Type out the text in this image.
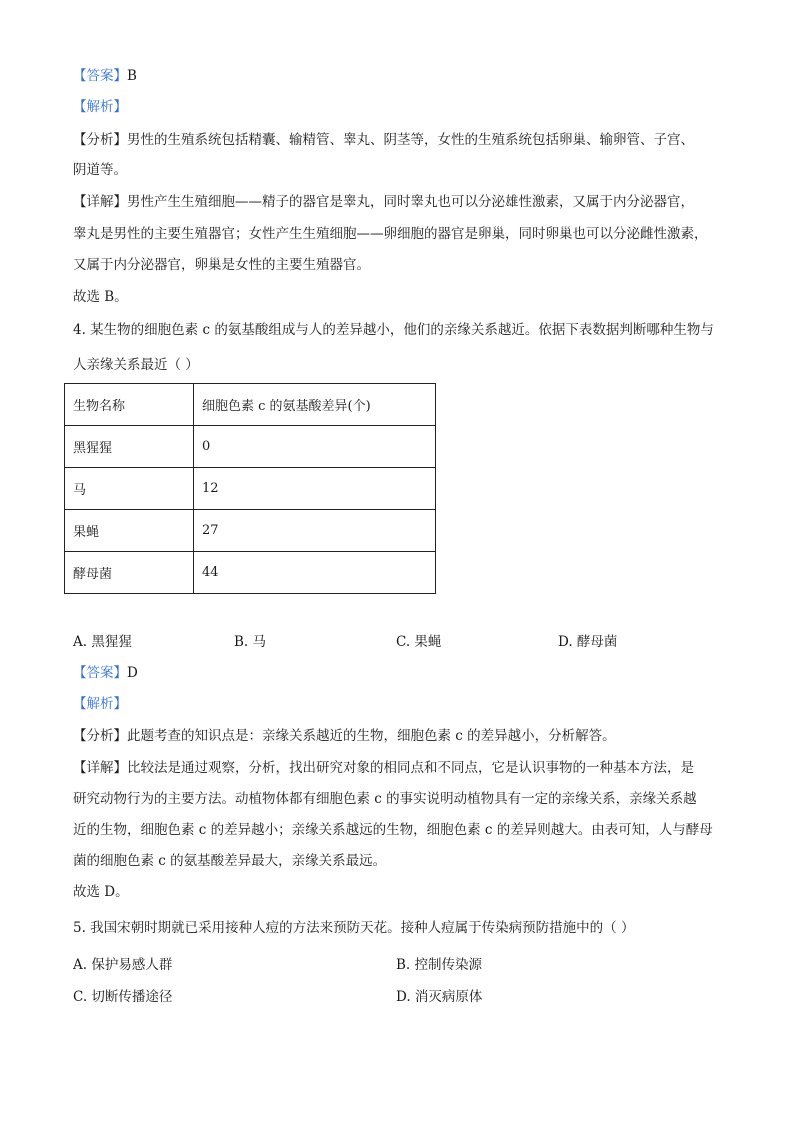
【答案】B
【解析】
【分析】男性的生殖系统包括精囊、输精管、睾丸、阴茎等，女性的生殖系统包括卵巢、输卵管、子宫、
阴道等。
【详解】男性产生生殖细胞——精子的器官是睾丸，同时睾丸也可以分泌雄性激素，又属于内分泌器官，
睾丸是男性的主要生殖器官；女性产生生殖细胞——卵细胞的器官是卵巢，同时卵巢也可以分泌雌性激素，
又属于内分泌器官，卵巢是女性的主要生殖器官。
故选 B。
4. 某生物的细胞色素 c 的氨基酸组成与人的差异越小，他们的亲缘关系越近。依据下表数据判断哪种生物与
人亲缘关系最近（ ）
生物名称	细胞色素 c 的氨基酸差异(个)
黑猩猩	0
马	12
果蝇	27
酵母菌	44
A. 黑猩猩	B. 马	C. 果蝇	D. 酵母菌
【答案】D
【解析】
【分析】此题考查的知识点是：亲缘关系越近的生物，细胞色素 c 的差异越小，分析解答。
【详解】比较法是通过观察，分析，找出研究对象的相同点和不同点，它是认识事物的一种基本方法，是
研究动物行为的主要方法。动植物体都有细胞色素 c 的事实说明动植物具有一定的亲缘关系，亲缘关系越
近的生物，细胞色素 c 的差异越小；亲缘关系越远的生物，细胞色素 c 的差异则越大。由表可知，人与酵母
菌的细胞色素 c 的氨基酸差异最大，亲缘关系最远。
故选 D。
5. 我国宋朝时期就已采用接种人痘的方法来预防天花。接种人痘属于传染病预防措施中的（ ）
A. 保护易感人群	B. 控制传染源
C. 切断传播途径	D. 消灭病原体
